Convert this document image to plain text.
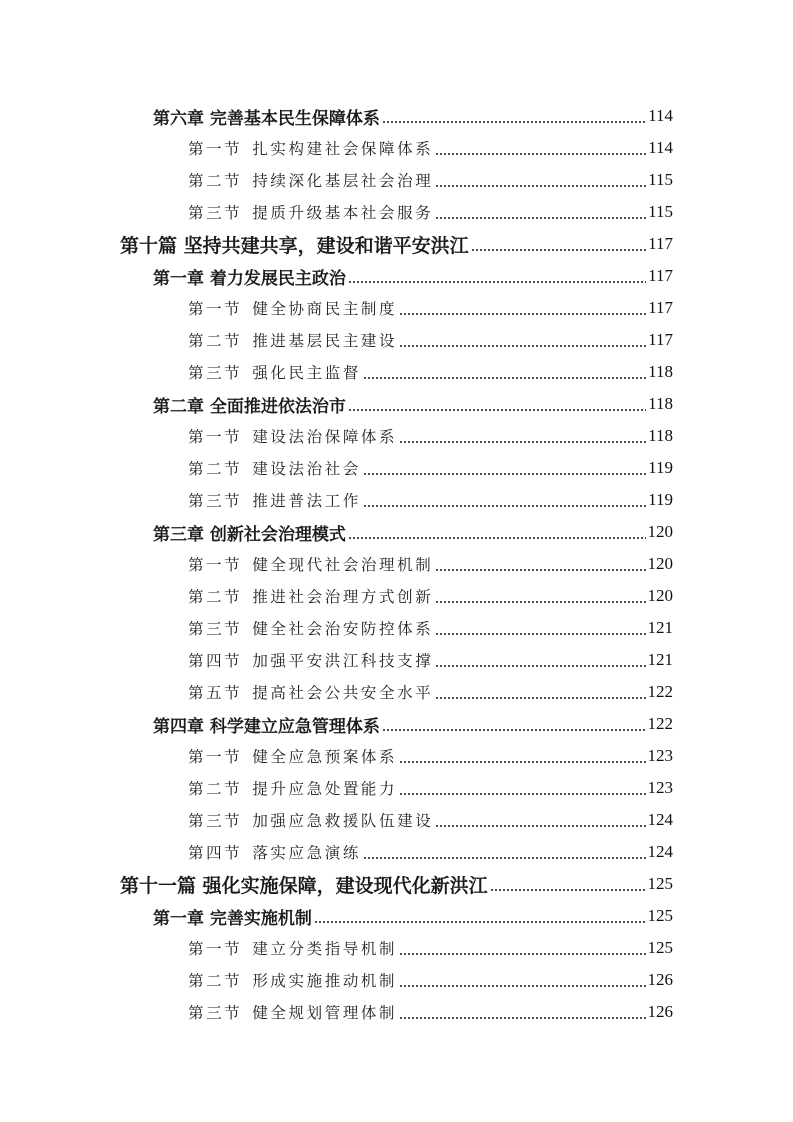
第六章 完善基本民生保障体系	114
第一节 扎实构建社会保障体系	114
第二节 持续深化基层社会治理	115
第三节 提质升级基本社会服务	115
第十篇 坚持共建共享，建设和谐平安洪江	117
第一章 着力发展民主政治	117
第一节 健全协商民主制度	117
第二节 推进基层民主建设	117
第三节 强化民主监督	118
第二章 全面推进依法治市	118
第一节 建设法治保障体系	118
第二节 建设法治社会	119
第三节 推进普法工作	119
第三章 创新社会治理模式	120
第一节 健全现代社会治理机制	120
第二节 推进社会治理方式创新	120
第三节 健全社会治安防控体系	121
第四节 加强平安洪江科技支撑	121
第五节 提高社会公共安全水平	122
第四章 科学建立应急管理体系	122
第一节 健全应急预案体系	123
第二节 提升应急处置能力	123
第三节 加强应急救援队伍建设	124
第四节 落实应急演练	124
第十一篇 强化实施保障，建设现代化新洪江	125
第一章 完善实施机制	125
第一节 建立分类指导机制	125
第二节 形成实施推动机制	126
第三节 健全规划管理体制	126
